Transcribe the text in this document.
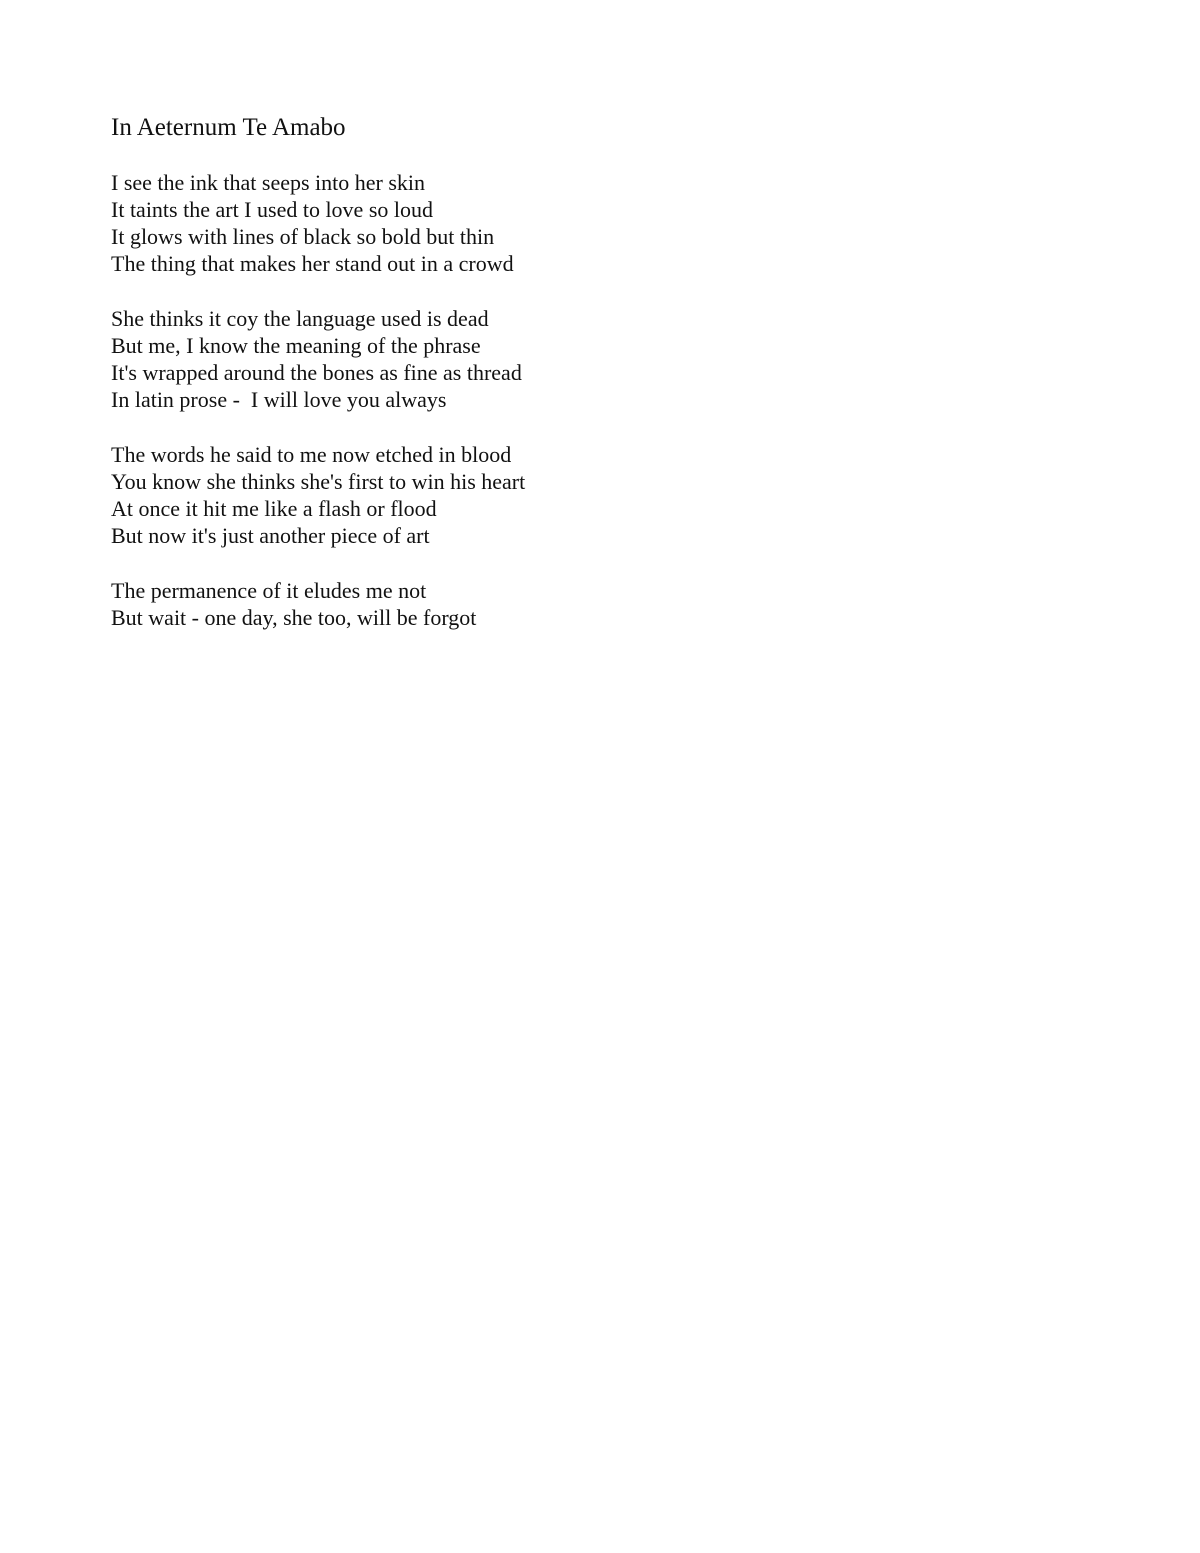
In Aeternum Te Amabo
I see the ink that seeps into her skin
It taints the art I used to love so loud
It glows with lines of black so bold but thin
The thing that makes her stand out in a crowd
She thinks it coy the language used is dead
But me, I know the meaning of the phrase
It's wrapped around the bones as fine as thread
In latin prose -  I will love you always
The words he said to me now etched in blood
You know she thinks she's first to win his heart
At once it hit me like a flash or flood
But now it's just another piece of art
The permanence of it eludes me not
But wait - one day, she too, will be forgot
